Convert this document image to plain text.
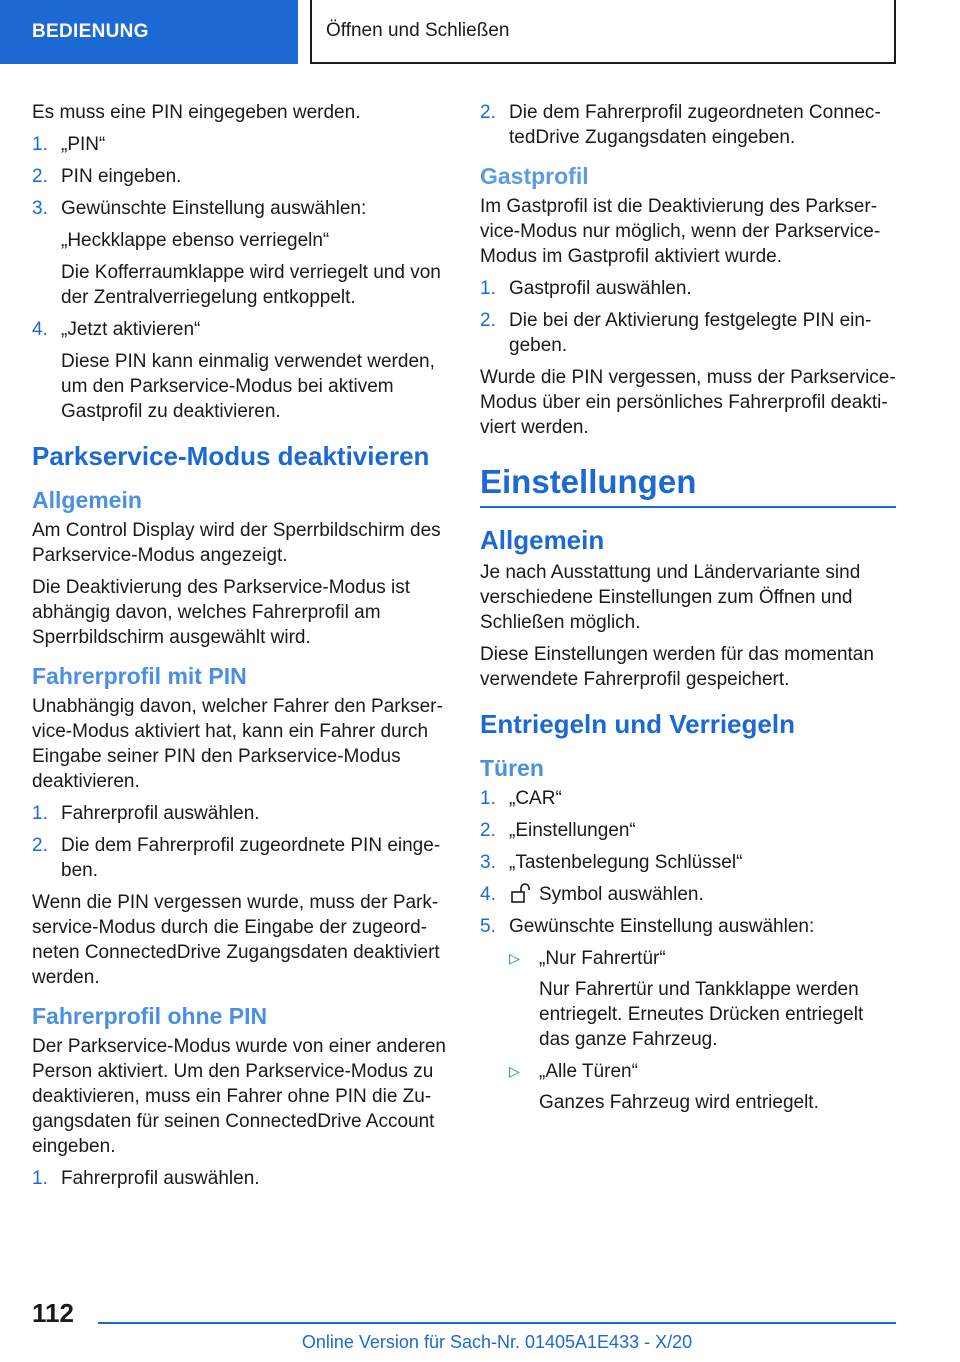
BEDIENUNG	Öffnen und Schließen

Es muss eine PIN eingegeben werden.

1. „PIN“
2. PIN eingeben.
3. Gewünschte Einstellung auswählen:
„Heckklappe ebenso verriegeln“
Die Kofferraumklappe wird verriegelt und von der Zentralverriegelung entkoppelt.
4. „Jetzt aktivieren“
Diese PIN kann einmalig verwendet werden, um den Parkservice-Modus bei aktivem Gastprofil zu deaktivieren.
Parkservice-Modus deaktivieren
Allgemein

Am Control Display wird der Sperrbildschirm des Parkservice-Modus angezeigt.

Die Deaktivierung des Parkservice-Modus ist abhängig davon, welches Fahrerprofil am Sperrbildschirm ausgewählt wird.

Fahrerprofil mit PIN

Unabhängig davon, welcher Fahrer den Parkservice-Modus aktiviert hat, kann ein Fahrer durch Eingabe seiner PIN den Parkservice-Modus deaktivieren.

1. Fahrerprofil auswählen.
2. Die dem Fahrerprofil zugeordnete PIN eingeben.

Wenn die PIN vergessen wurde, muss der Parkservice-Modus durch die Eingabe der zugeordneten ConnectedDrive Zugangsdaten deaktiviert werden.

Fahrerprofil ohne PIN

Der Parkservice-Modus wurde von einer anderen Person aktiviert. Um den Parkservice-Modus zu deaktivieren, muss ein Fahrer ohne PIN die Zugangsdaten für seinen ConnectedDrive Account eingeben.

1. Fahrerprofil auswählen.
2. Die dem Fahrerprofil zugeordneten ConnectedDrive Zugangsdaten eingeben.
Gastprofil

Im Gastprofil ist die Deaktivierung des Parkservice-Modus nur möglich, wenn der Parkservice-Modus im Gastprofil aktiviert wurde.

1. Gastprofil auswählen.
2. Die bei der Aktivierung festgelegte PIN eingeben.

Wurde die PIN vergessen, muss der Parkservice-Modus über ein persönliches Fahrerprofil deaktiviert werden.

Einstellungen
Allgemein

Je nach Ausstattung und Ländervariante sind verschiedene Einstellungen zum Öffnen und Schließen möglich.

Diese Einstellungen werden für das momentan verwendete Fahrerprofil gespeichert.

Entriegeln und Verriegeln
Türen
1. „CAR“
2. „Einstellungen“
3. „Tastenbelegung Schlüssel“
4.	Symbol auswählen.
5. Gewünschte Einstellung auswählen:
▷	„Nur Fahrertür“
Nur Fahrertür und Tankklappe werden entriegelt. Erneutes Drücken entriegelt das ganze Fahrzeug.
▷	„Alle Türen“
Ganzes Fahrzeug wird entriegelt.
112
Online Version für Sach-Nr. 01405A1E433 - X/20
